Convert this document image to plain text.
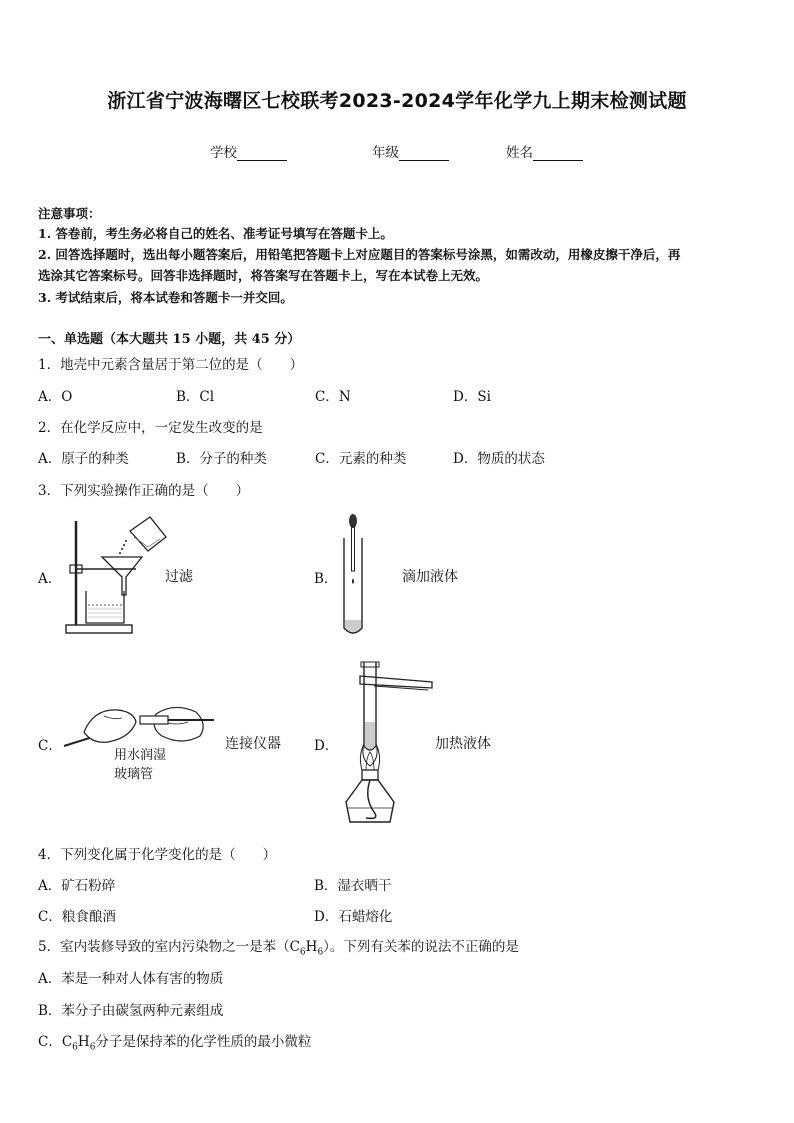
浙江省宁波海曙区七校联考2023-2024学年化学九上期末检测试题
学校	年级	姓名
注意事项：
1. 答卷前，考生务必将自己的姓名、准考证号填写在答题卡上。
2. 回答选择题时，选出每小题答案后，用铅笔把答题卡上对应题目的答案标号涂黑，如需改动，用橡皮擦干净后，再
选涂其它答案标号。回答非选择题时，将答案写在答题卡上，写在本试卷上无效。
3. 考试结束后，将本试卷和答题卡一并交回。
一、单选题（本大题共 15 小题，共 45 分）
1．地壳中元素含量居于第二位的是（　　）
A．O	B．Cl	C．N	D．Si
2．在化学反应中，一定发生改变的是
A．原子的种类	B．分子的种类	C．元素的种类	D．物质的状态
3．下列实验操作正确的是（　　）
A．	过滤	B．	滴加液体
C．
用水润湿
玻璃管
连接仪器 D．	加热液体
4．下列变化属于化学变化的是（　　）
A．矿石粉碎	B．湿衣晒干
C．粮食酿酒	D．石蜡熔化
5．室内装修导致的室内污染物之一是苯$(C_6H_6)$。下列有关苯的说法不正确的是
A．苯是一种对人体有害的物质
B．苯分子由碳氢两种元素组成
C．$C_6H_6$分子是保持苯的化学性质的最小微粒
